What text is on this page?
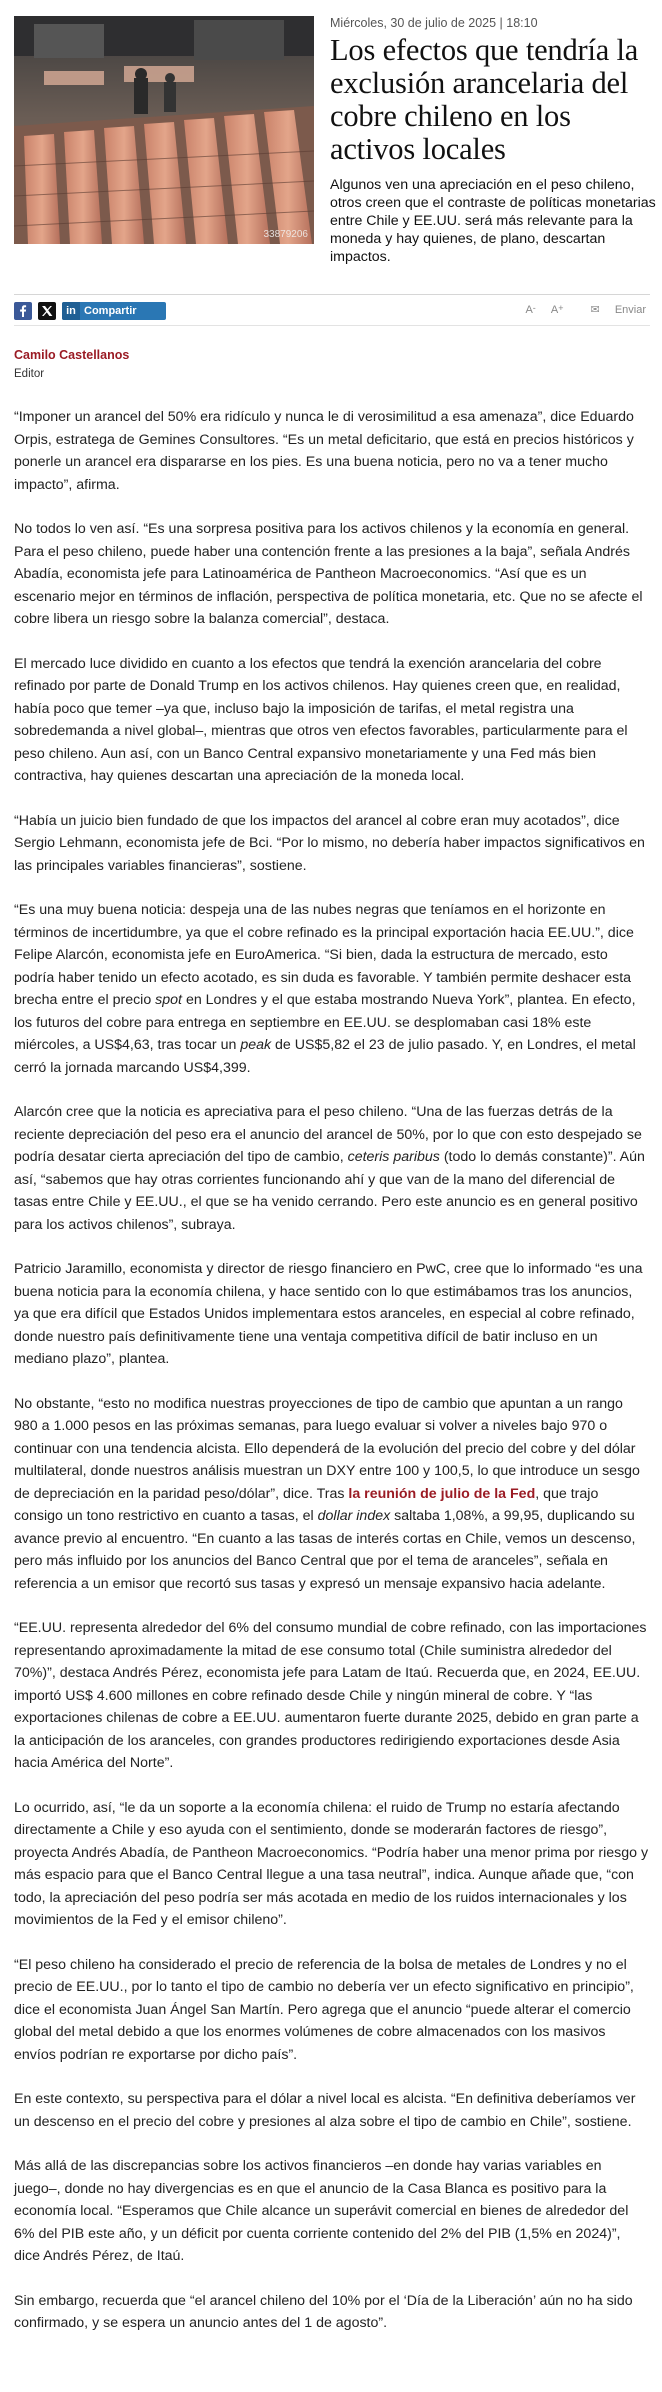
33879206

Miércoles, 30 de julio de 2025 | 18:10

Los efectos que tendría la exclusión arancelaria del cobre chileno en los activos locales

Algunos ven una apreciación en el peso chileno, otros creen que el contraste de políticas monetarias entre Chile y EE.UU. será más relevante para la moneda y hay quienes, de plano, descartan impactos.

in Compartir	A- A+ ✉ Enviar

Camilo Castellanos

Editor

“Imponer un arancel del 50% era ridículo y nunca le di verosimilitud a esa amenaza”, dice Eduardo Orpis, estratega de Gemines Consultores. “Es un metal deficitario, que está en precios históricos y ponerle un arancel era dispararse en los pies. Es una buena noticia, pero no va a tener mucho impacto”, afirma.

No todos lo ven así. “Es una sorpresa positiva para los activos chilenos y la economía en general. Para el peso chileno, puede haber una contención frente a las presiones a la baja”, señala Andrés Abadía, economista jefe para Latinoamérica de Pantheon Macroeconomics. “Así que es un escenario mejor en términos de inflación, perspectiva de política monetaria, etc. Que no se afecte el cobre libera un riesgo sobre la balanza comercial”, destaca.

El mercado luce dividido en cuanto a los efectos que tendrá la exención arancelaria del cobre refinado por parte de Donald Trump en los activos chilenos. Hay quienes creen que, en realidad, había poco que temer –ya que, incluso bajo la imposición de tarifas, el metal registra una sobredemanda a nivel global–, mientras que otros ven efectos favorables, particularmente para el peso chileno. Aun así, con un Banco Central expansivo monetariamente y una Fed más bien contractiva, hay quienes descartan una apreciación de la moneda local.

“Había un juicio bien fundado de que los impactos del arancel al cobre eran muy acotados”, dice Sergio Lehmann, economista jefe de Bci. “Por lo mismo, no debería haber impactos significativos en las principales variables financieras”, sostiene.

“Es una muy buena noticia: despeja una de las nubes negras que teníamos en el horizonte en términos de incertidumbre, ya que el cobre refinado es la principal exportación hacia EE.UU.”, dice Felipe Alarcón, economista jefe en EuroAmerica. “Si bien, dada la estructura de mercado, esto podría haber tenido un efecto acotado, es sin duda es favorable. Y también permite deshacer esta brecha entre el precio spot en Londres y el que estaba mostrando Nueva York”, plantea. En efecto, los futuros del cobre para entrega en septiembre en EE.UU. se desplomaban casi 18% este miércoles, a US$4,63, tras tocar un peak de US$5,82 el 23 de julio pasado. Y, en Londres, el metal cerró la jornada marcando US$4,399.

Alarcón cree que la noticia es apreciativa para el peso chileno. “Una de las fuerzas detrás de la reciente depreciación del peso era el anuncio del arancel de 50%, por lo que con esto despejado se podría desatar cierta apreciación del tipo de cambio, ceteris paribus (todo lo demás constante)”. Aún así, “sabemos que hay otras corrientes funcionando ahí y que van de la mano del diferencial de tasas entre Chile y EE.UU., el que se ha venido cerrando. Pero este anuncio es en general positivo para los activos chilenos”, subraya.

Patricio Jaramillo, economista y director de riesgo financiero en PwC, cree que lo informado “es una buena noticia para la economía chilena, y hace sentido con lo que estimábamos tras los anuncios, ya que era difícil que Estados Unidos implementara estos aranceles, en especial al cobre refinado, donde nuestro país definitivamente tiene una ventaja competitiva difícil de batir incluso en un mediano plazo”, plantea.

No obstante, “esto no modifica nuestras proyecciones de tipo de cambio que apuntan a un rango 980 a 1.000 pesos en las próximas semanas, para luego evaluar si volver a niveles bajo 970 o continuar con una tendencia alcista. Ello dependerá de la evolución del precio del cobre y del dólar multilateral, donde nuestros análisis muestran un DXY entre 100 y 100,5, lo que introduce un sesgo de depreciación en la paridad peso/dólar”, dice. Tras la reunión de julio de la Fed, que trajo consigo un tono restrictivo en cuanto a tasas, el dollar index saltaba 1,08%, a 99,95, duplicando su avance previo al encuentro. “En cuanto a las tasas de interés cortas en Chile, vemos un descenso, pero más influido por los anuncios del Banco Central que por el tema de aranceles”, señala en referencia a un emisor que recortó sus tasas y expresó un mensaje expansivo hacia adelante.

“EE.UU. representa alrededor del 6% del consumo mundial de cobre refinado, con las importaciones representando aproximadamente la mitad de ese consumo total (Chile suministra alrededor del 70%)”, destaca Andrés Pérez, economista jefe para Latam de Itaú. Recuerda que, en 2024, EE.UU. importó US$ 4.600 millones en cobre refinado desde Chile y ningún mineral de cobre. Y “las exportaciones chilenas de cobre a EE.UU. aumentaron fuerte durante 2025, debido en gran parte a la anticipación de los aranceles, con grandes productores redirigiendo exportaciones desde Asia hacia América del Norte”.

Lo ocurrido, así, “le da un soporte a la economía chilena: el ruido de Trump no estaría afectando directamente a Chile y eso ayuda con el sentimiento, donde se moderarán factores de riesgo”, proyecta Andrés Abadía, de Pantheon Macroeconomics. “Podría haber una menor prima por riesgo y más espacio para que el Banco Central llegue a una tasa neutral”, indica. Aunque añade que, “con todo, la apreciación del peso podría ser más acotada en medio de los ruidos internacionales y los movimientos de la Fed y el emisor chileno”.

“El peso chileno ha considerado el precio de referencia de la bolsa de metales de Londres y no el precio de EE.UU., por lo tanto el tipo de cambio no debería ver un efecto significativo en principio”, dice el economista Juan Ángel San Martín. Pero agrega que el anuncio “puede alterar el comercio global del metal debido a que los enormes volúmenes de cobre almacenados con los masivos envíos podrían re exportarse por dicho país”.

En este contexto, su perspectiva para el dólar a nivel local es alcista. “En definitiva deberíamos ver un descenso en el precio del cobre y presiones al alza sobre el tipo de cambio en Chile”, sostiene.

Más allá de las discrepancias sobre los activos financieros –en donde hay varias variables en juego–, donde no hay divergencias es en que el anuncio de la Casa Blanca es positivo para la economía local. “Esperamos que Chile alcance un superávit comercial en bienes de alrededor del 6% del PIB este año, y un déficit por cuenta corriente contenido del 2% del PIB (1,5% en 2024)”, dice Andrés Pérez, de Itaú.

Sin embargo, recuerda que “el arancel chileno del 10% por el ‘Día de la Liberación’ aún no ha sido confirmado, y se espera un anuncio antes del 1 de agosto”.
